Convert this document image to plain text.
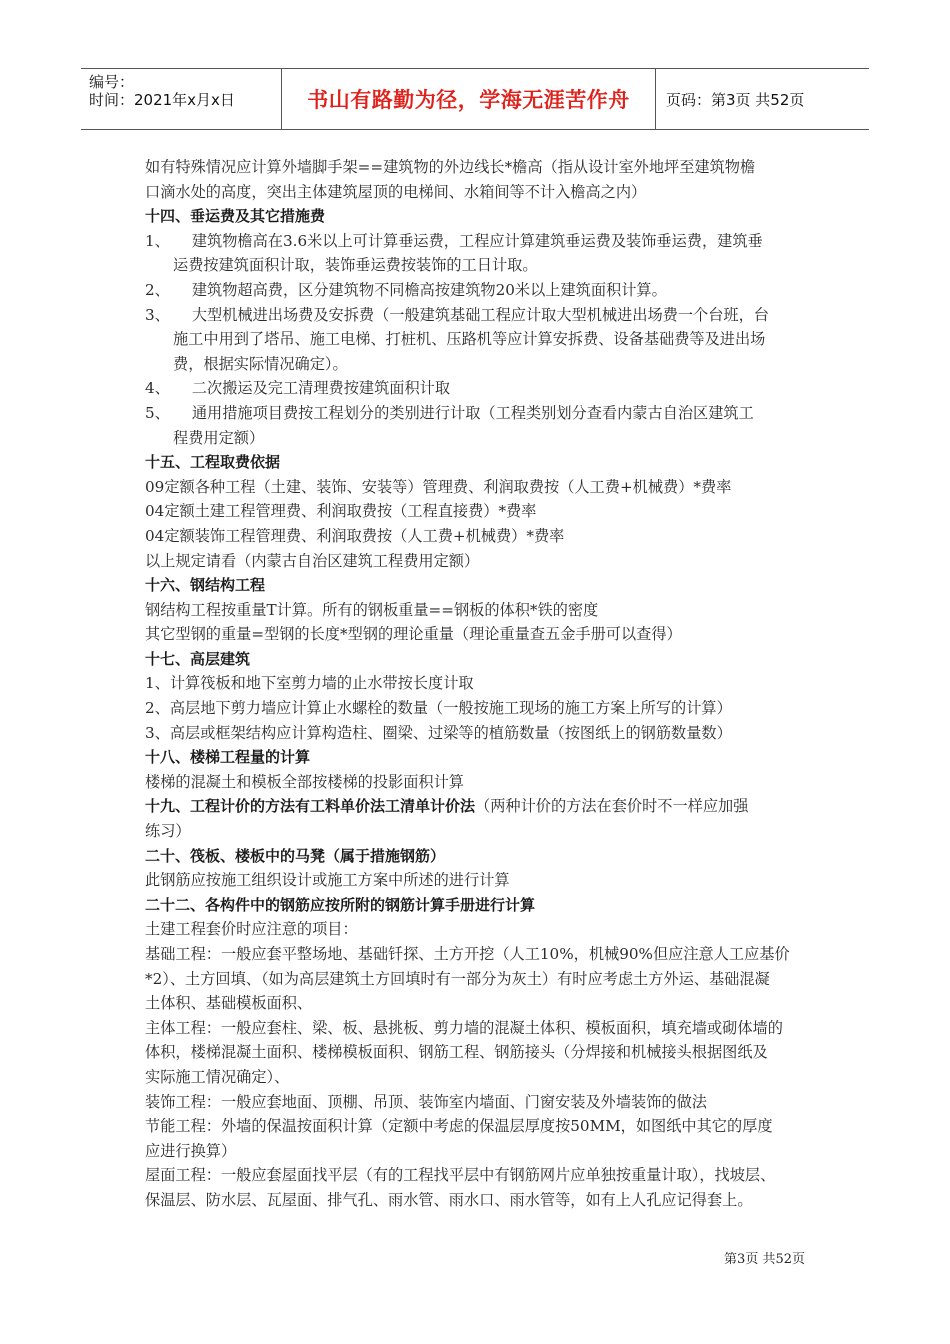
编号：
时间：2021年x月x日	书山有路勤为径，学海无涯苦作舟	页码：第3页 共52页
如有特殊情况应计算外墙脚手架==建筑物的外边线长*檐高（指从设计室外地坪至建筑物檐
口滴水处的高度，突出主体建筑屋顶的电梯间、水箱间等不计入檐高之内）
十四、垂运费及其它措施费
1、 建筑物檐高在3.6米以上可计算垂运费，工程应计算建筑垂运费及装饰垂运费，建筑垂
运费按建筑面积计取，装饰垂运费按装饰的工日计取。
2、 建筑物超高费，区分建筑物不同檐高按建筑物20米以上建筑面积计算。
3、 大型机械进出场费及安拆费（一般建筑基础工程应计取大型机械进出场费一个台班，台
施工中用到了塔吊、施工电梯、打桩机、压路机等应计算安拆费、设备基础费等及进出场
费，根据实际情况确定）。
4、 二次搬运及完工清理费按建筑面积计取
5、 通用措施项目费按工程划分的类别进行计取（工程类别划分查看内蒙古自治区建筑工
程费用定额）
十五、工程取费依据
09定额各种工程（土建、装饰、安装等）管理费、利润取费按（人工费+机械费）*费率
04定额土建工程管理费、利润取费按（工程直接费）*费率
04定额装饰工程管理费、利润取费按（人工费+机械费）*费率
以上规定请看（内蒙古自治区建筑工程费用定额）
十六、钢结构工程
钢结构工程按重量T计算。所有的钢板重量==钢板的体积*铁的密度
其它型钢的重量=型钢的长度*型钢的理论重量（理论重量查五金手册可以查得）
十七、高层建筑
1、计算筏板和地下室剪力墙的止水带按长度计取
2、高层地下剪力墙应计算止水螺栓的数量（一般按施工现场的施工方案上所写的计算）
3、高层或框架结构应计算构造柱、圈梁、过梁等的植筋数量（按图纸上的钢筋数量数）
十八、楼梯工程量的计算
楼梯的混凝土和模板全部按楼梯的投影面积计算
十九、工程计价的方法有工料单价法工清单计价法（两种计价的方法在套价时不一样应加强
练习）
二十、筏板、楼板中的马凳（属于措施钢筋）
此钢筋应按施工组织设计或施工方案中所述的进行计算
二十二、各构件中的钢筋应按所附的钢筋计算手册进行计算
土建工程套价时应注意的项目：
基础工程：一般应套平整场地、基础钎探、土方开挖（人工10%，机械90%但应注意人工应基价
*2）、土方回填、（如为高层建筑土方回填时有一部分为灰土）有时应考虑土方外运、基础混凝
土体积、基础模板面积、
主体工程：一般应套柱、梁、板、悬挑板、剪力墙的混凝土体积、模板面积，填充墙或砌体墙的
体积，楼梯混凝土面积、楼梯模板面积、钢筋工程、钢筋接头（分焊接和机械接头根据图纸及
实际施工情况确定）、
装饰工程：一般应套地面、顶棚、吊顶、装饰室内墙面、门窗安装及外墙装饰的做法
节能工程：外墙的保温按面积计算（定额中考虑的保温层厚度按50MM，如图纸中其它的厚度
应进行换算）
屋面工程：一般应套屋面找平层（有的工程找平层中有钢筋网片应单独按重量计取），找坡层、
保温层、防水层、瓦屋面、排气孔、雨水管、雨水口、雨水管等，如有上人孔应记得套上。
第3页 共52页
